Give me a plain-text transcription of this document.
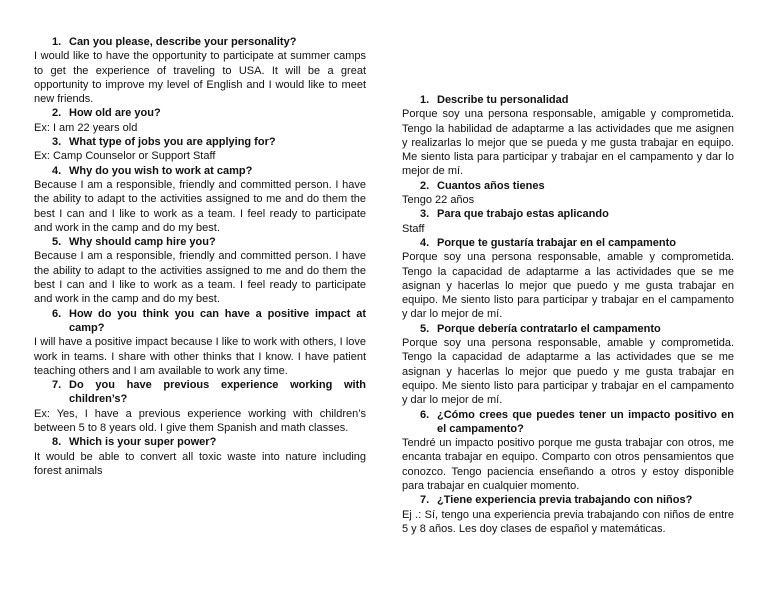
1. Can you please, describe your personality?

I would like to have the opportunity to participate at summer camps to get the experience of traveling to USA. It will be a great opportunity to improve my level of English and I would like to meet new friends.

2. How old are you?

Ex: I am 22 years old

3. What type of jobs you are applying for?

Ex: Camp Counselor or Support Staff

4. Why do you wish to work at camp?

Because I am a responsible, friendly and committed person. I have the ability to adapt to the activities assigned to me and do them the best I can and I like to work as a team. I feel ready to participate and work in the camp and do my best.

5. Why should camp hire you?

Because I am a responsible, friendly and committed person. I have the ability to adapt to the activities assigned to me and do them the best I can and I like to work as a team. I feel ready to participate and work in the camp and do my best.

6. How do you think you can have a positive impact at camp?

I will have a positive impact because I like to work with others, I love work in teams. I share with other thinks that I know. I have patient teaching others and I am available to work any time.

7. Do you have previous experience working with children’s?

Ex: Yes, I have a previous experience working with children’s between 5 to 8 years old. I give them Spanish and math classes.

8. Which is your super power?

It would be able to convert all toxic waste into nature including forest animals

1. Describe tu personalidad

Porque soy una persona responsable, amigable y comprometida. Tengo la habilidad de adaptarme a las actividades que me asignen y realizarlas lo mejor que se pueda y me gusta trabajar en equipo. Me siento lista para participar y trabajar en el campamento y dar lo mejor de mí.

2. Cuantos años tienes

Tengo 22 años

3. Para que trabajo estas aplicando

Staff

4. Porque te gustaría trabajar en el campamento

Porque soy una persona responsable, amable y comprometida. Tengo la capacidad de adaptarme a las actividades que se me asignan y hacerlas lo mejor que puedo y me gusta trabajar en equipo. Me siento listo para participar y trabajar en el campamento y dar lo mejor de mí.

5. Porque debería contratarlo el campamento

Porque soy una persona responsable, amable y comprometida. Tengo la capacidad de adaptarme a las actividades que se me asignan y hacerlas lo mejor que puedo y me gusta trabajar en equipo. Me siento listo para participar y trabajar en el campamento y dar lo mejor de mí.

6. ¿Cómo crees que puedes tener un impacto positivo en el campamento?

Tendré un impacto positivo porque me gusta trabajar con otros, me encanta trabajar en equipo. Comparto con otros pensamientos que conozco. Tengo paciencia enseñando a otros y estoy disponible para trabajar en cualquier momento.

7. ¿Tiene experiencia previa trabajando con niños?

Ej .: Sí, tengo una experiencia previa trabajando con niños de entre 5 y 8 años. Les doy clases de español y matemáticas.
